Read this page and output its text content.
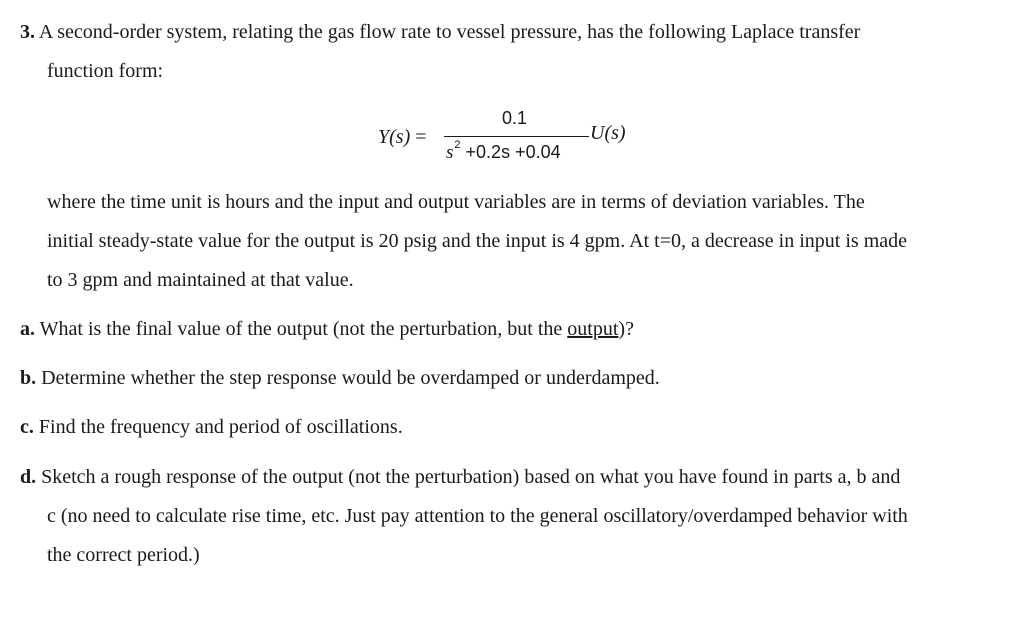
3. A second-order system, relating the gas flow rate to vessel pressure, has the following Laplace transfer
function form:
Y(s) =
0.1
$s^2 +0.2s +0.04$
U(s)
where the time unit is hours and the input and output variables are in terms of deviation variables. The
initial steady-state value for the output is 20 psig and the input is 4 gpm. At t=0, a decrease in input is made
to 3 gpm and maintained at that value.
a. What is the final value of the output (not the perturbation, but the output)?
b. Determine whether the step response would be overdamped or underdamped.
c. Find the frequency and period of oscillations.
d. Sketch a rough response of the output (not the perturbation) based on what you have found in parts a, b and
c (no need to calculate rise time, etc. Just pay attention to the general oscillatory/overdamped behavior with
the correct period.)
